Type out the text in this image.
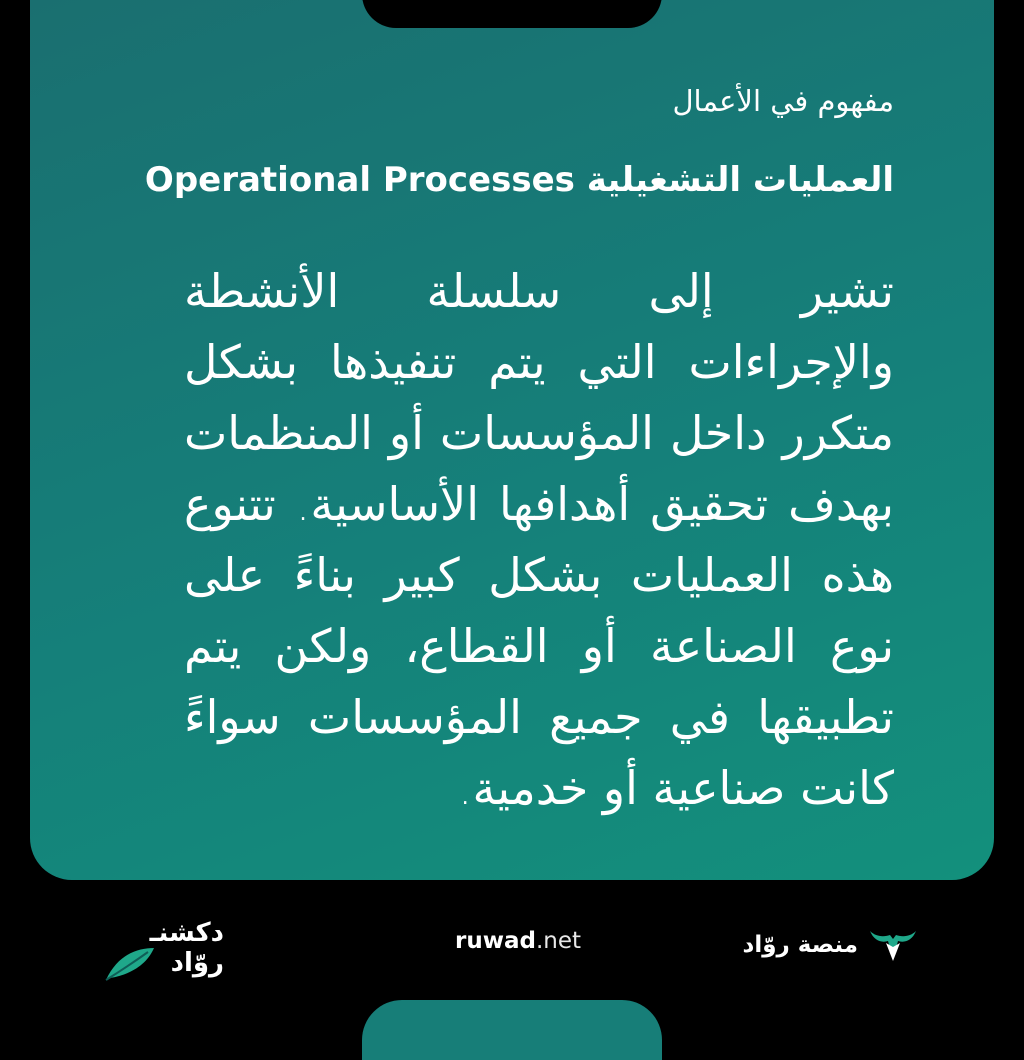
مفهوم في الأعمال
العمليات التشغيلية Operational Processes
تشير إلى سلسلة الأنشطة والإجراءات التي يتم تنفيذها بشكل متكرر داخل المؤسسات أو المنظمات بهدف تحقيق أهدافها الأساسية. تتنوع هذه العمليات بشكل كبير بناءً على نوع الصناعة أو القطاع، ولكن يتم تطبيقها في جميع المؤسسات سواءً كانت صناعية أو خدمية.
دكشنـ
روّاد
ruwad.net	منصة روّاد
